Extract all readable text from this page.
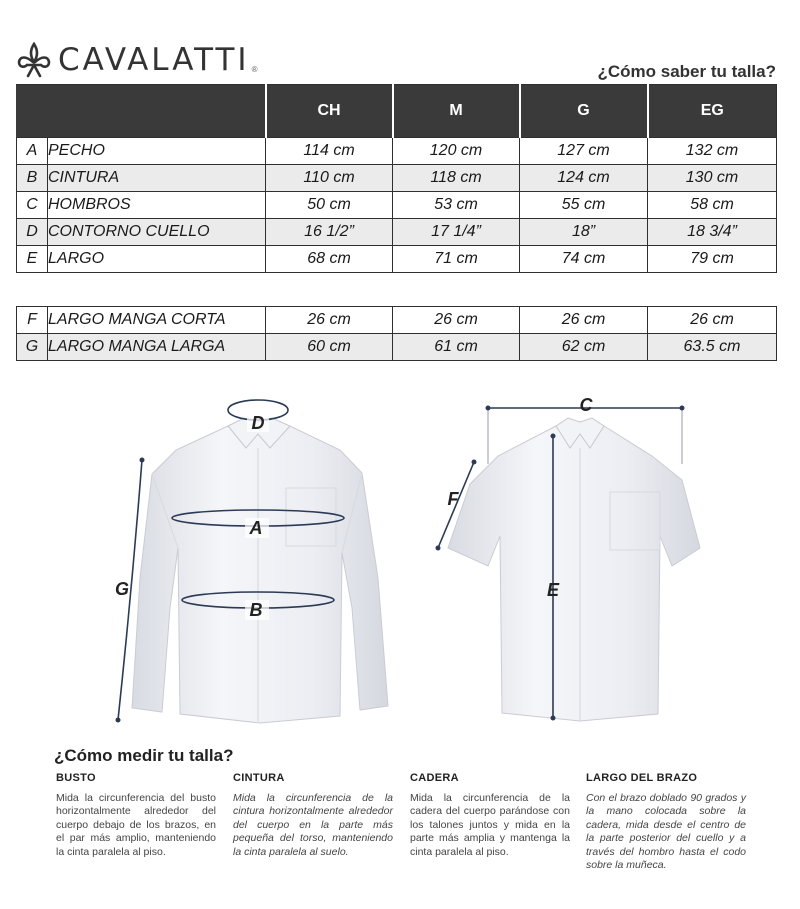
CAVALATTI ®	¿Cómo saber tu talla?
		CH	M	G	EG
A	PECHO	114 cm	120 cm	127 cm	132 cm
B	CINTURA	110 cm	118 cm	124 cm	130 cm
C	HOMBROS	50 cm	53 cm	55 cm	58 cm
D	CONTORNO CUELLO	16 1/2”	17 1/4”	18”	18 3/4”
E	LARGO	68 cm	71 cm	74 cm	79 cm
F	LARGO MANGA CORTA	26 cm	26 cm	26 cm	26 cm
G	LARGO MANGA LARGA	60 cm	61 cm	62 cm	63.5 cm
D
A
B
G
C
E
F
¿Cómo medir tu talla?
BUSTO

Mida la circunferencia del busto horizontalmente alrededor del cuerpo debajo de los brazos, en el par más amplio, manteniendo la cinta paralela al piso.

CINTURA

Mida la circunferencia de la cintura horizontalmente alrededor del cuerpo en la parte más pequeña del torso, manteniendo la cinta paralela al suelo.

CADERA

Mida la circunferencia de la cadera del cuerpo parándose con los talones juntos y mida en la parte más amplia y mantenga la cinta paralela al piso.

LARGO DEL BRAZO

Con el brazo doblado 90 grados y la mano colocada sobre la cadera, mida desde el centro de la parte posterior del cuello y a través del hombro hasta el codo sobre la muñeca.
